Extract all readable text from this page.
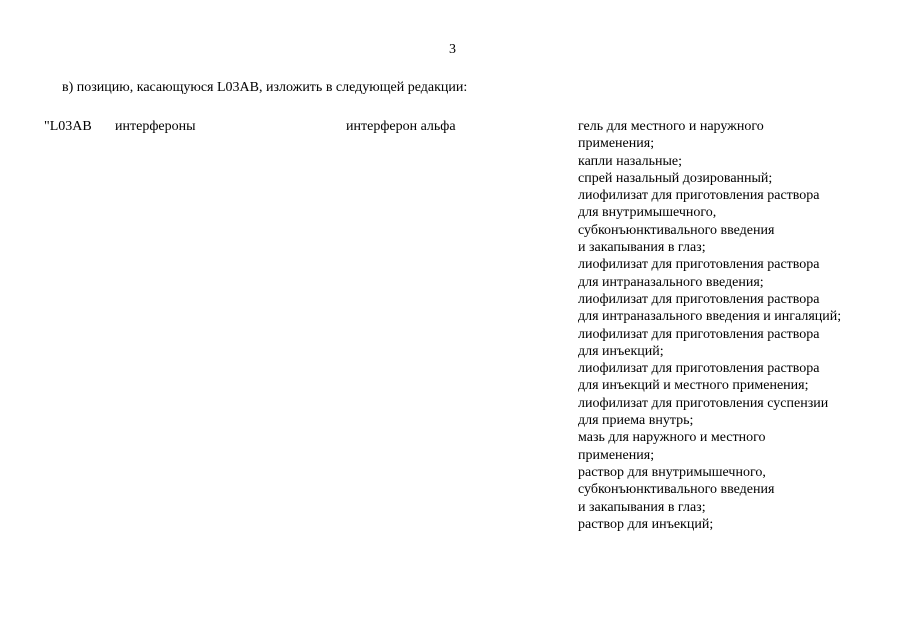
3
в) позицию, касающуюся L03AB, изложить в следующей редакции:
"L03AB интерфероны	интерферон альфа	гель для местного и наружного
применения;
капли назальные;
спрей назальный дозированный;
лиофилизат для приготовления раствора
для внутримышечного,
субконъюнктивального введения
и закапывания в глаз;
лиофилизат для приготовления раствора
для интраназального введения;
лиофилизат для приготовления раствора
для интраназального введения и ингаляций;
лиофилизат для приготовления раствора
для инъекций;
лиофилизат для приготовления раствора
для инъекций и местного применения;
лиофилизат для приготовления суспензии
для приема внутрь;
мазь для наружного и местного
применения;
раствор для внутримышечного,
субконъюнктивального введения
и закапывания в глаз;
раствор для инъекций;
